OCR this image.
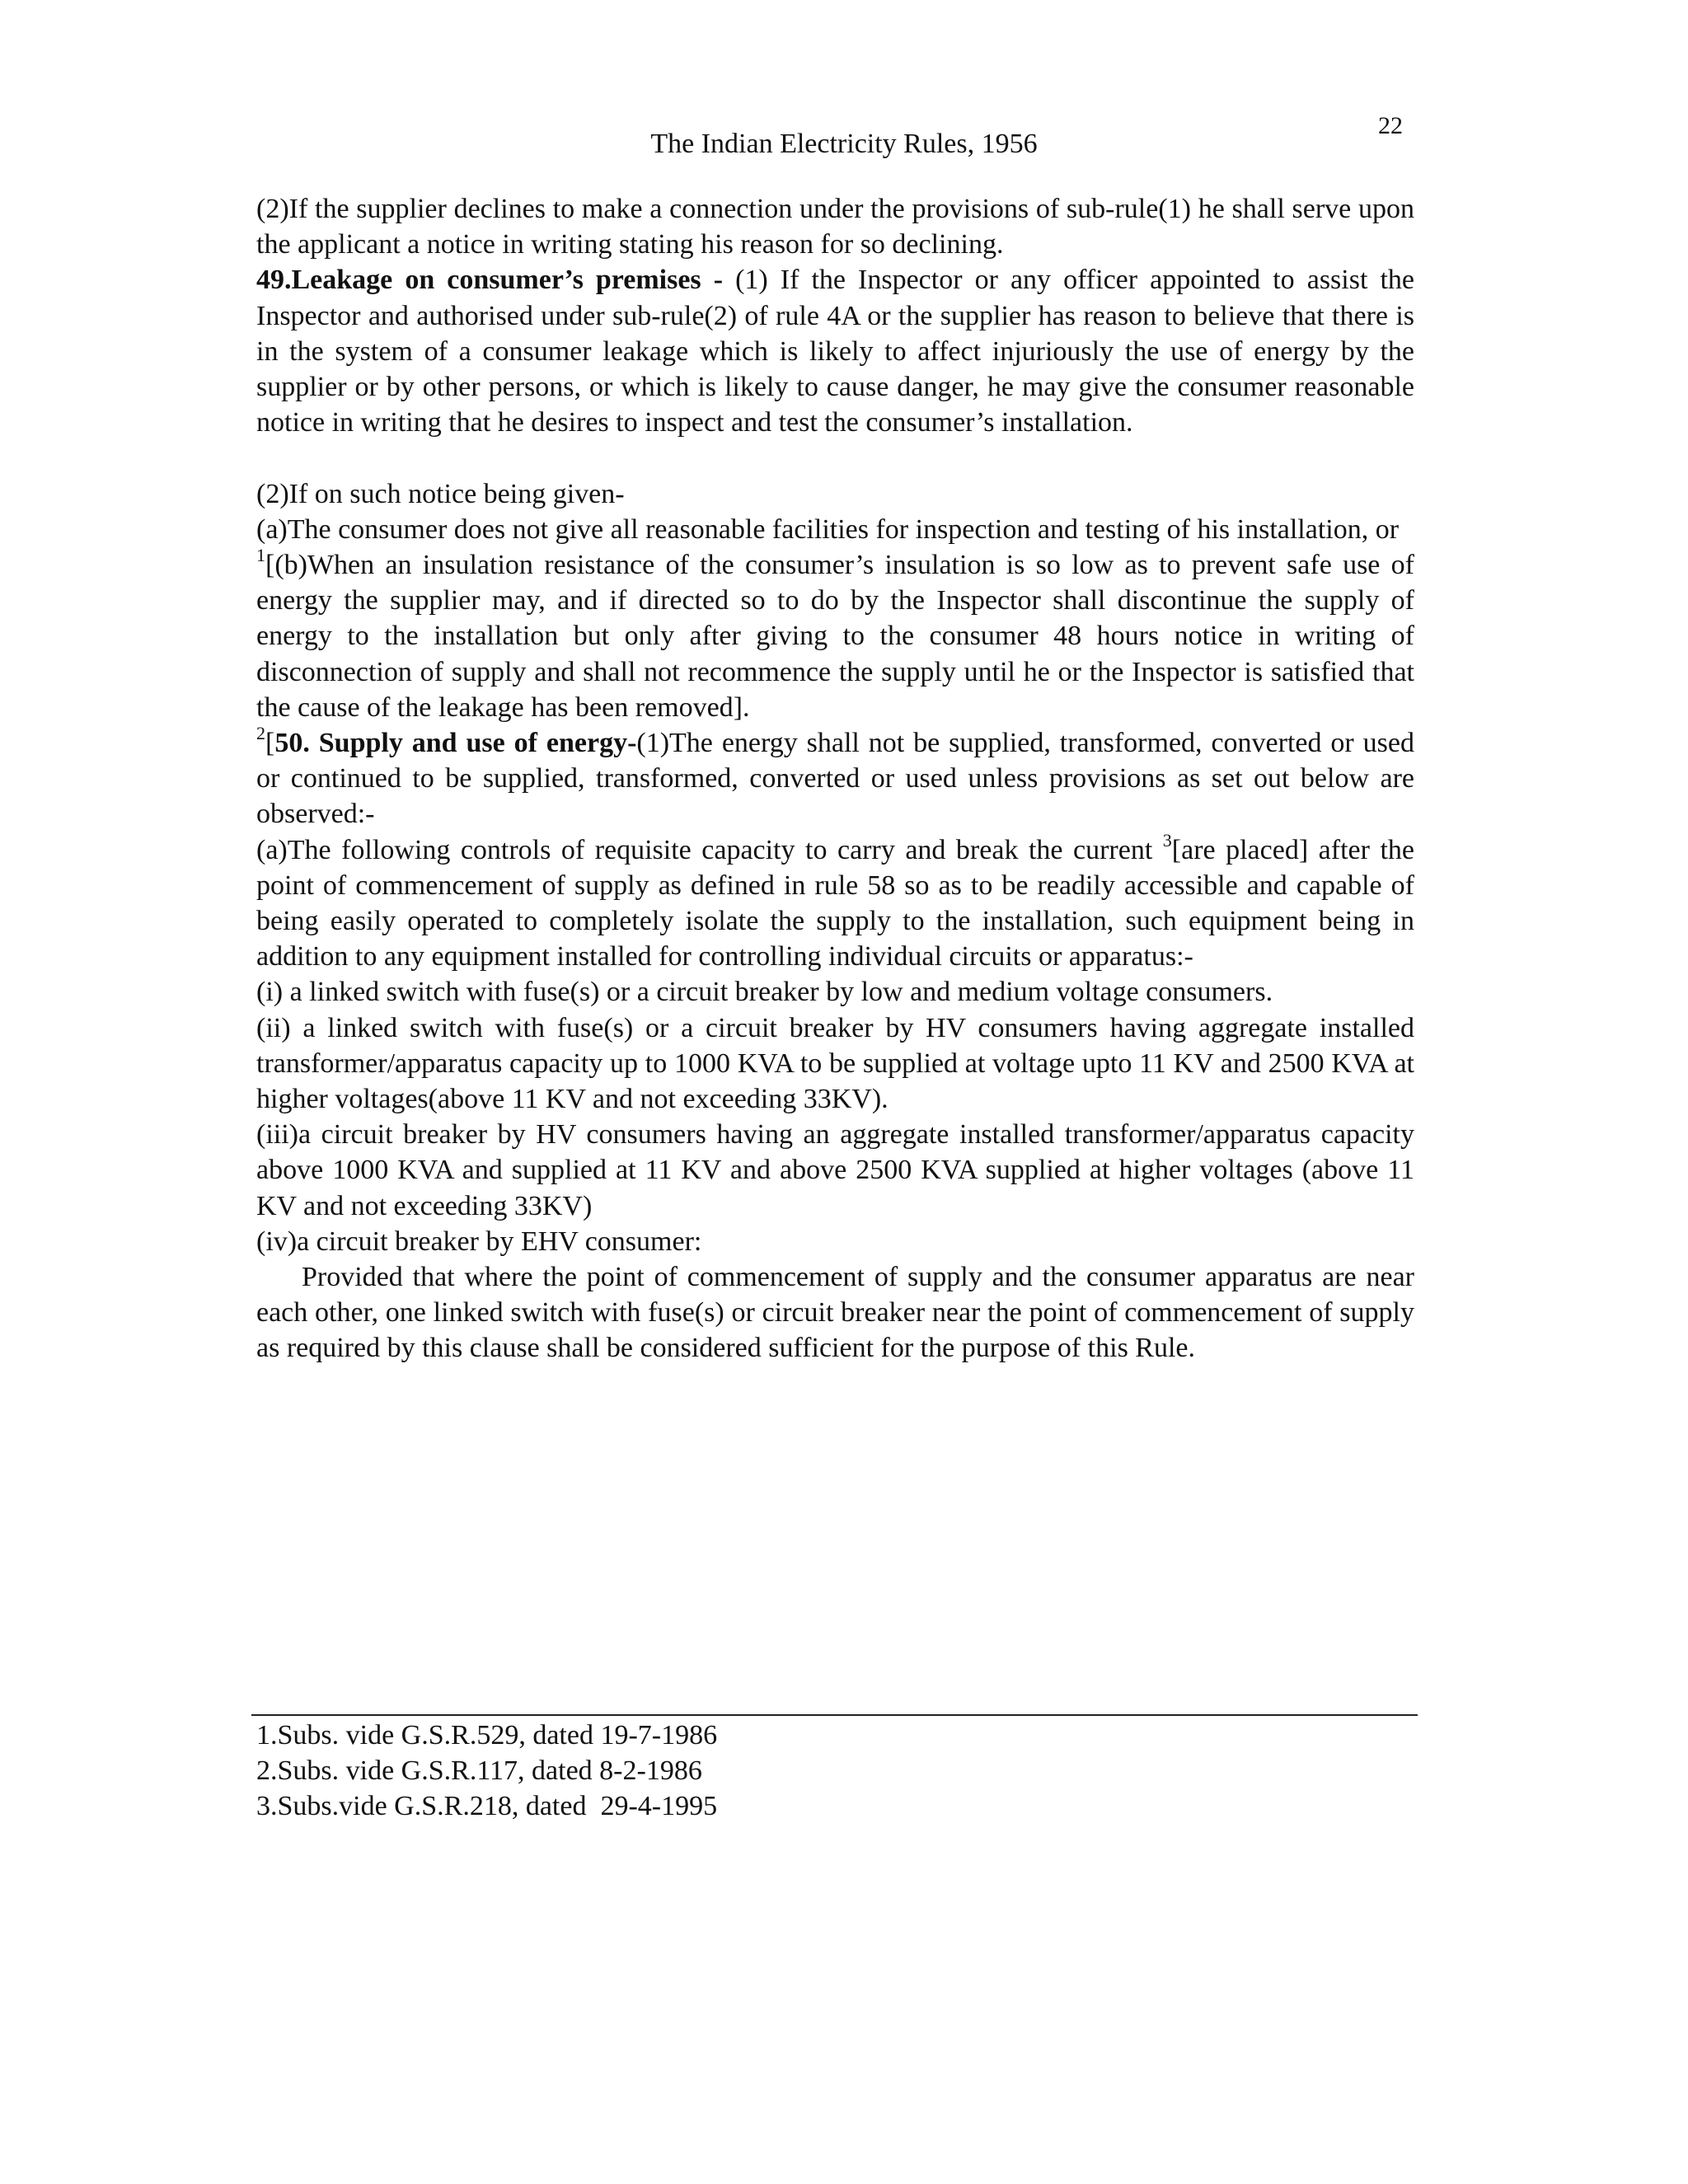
22
The Indian Electricity Rules, 1956

(2)If the supplier declines to make a connection under the provisions of sub-rule(1) he shall serve upon the applicant a notice in writing stating his reason for so declining.

49.Leakage on consumer’s premises - (1) If the Inspector or any officer appointed to assist the Inspector and authorised under sub-rule(2) of rule 4A or the supplier has reason to believe that there is in the system of a consumer leakage which is likely to affect injuriously the use of energy by the supplier or by other persons, or which is likely to cause danger, he may give the consumer reasonable notice in writing that he desires to inspect and test the consumer’s installation.

(2)If on such notice being given-

(a)The consumer does not give all reasonable facilities for inspection and testing of his installation, or

$^1$[(b)When an insulation resistance of the consumer’s insulation is so low as to prevent safe use of energy the supplier may, and if directed so to do by the Inspector shall discontinue the supply of energy to the installation but only after giving to the consumer 48 hours notice in writing of disconnection of supply and shall not recommence the supply until he or the Inspector is satisfied that the cause of the leakage has been removed].

$^2$[50. Supply and use of energy-(1)The energy shall not be supplied, transformed, converted or used or continued to be supplied, transformed, converted or used unless provisions as set out below are observed:-

(a)The following controls of requisite capacity to carry and break the current $^3$[are placed] after the point of commencement of supply as defined in rule 58 so as to be readily accessible and capable of being easily operated to completely isolate the supply to the installation, such equipment being in addition to any equipment installed for controlling individual circuits or apparatus:-

(i) a linked switch with fuse(s) or a circuit breaker by low and medium voltage consumers.

(ii) a linked switch with fuse(s) or a circuit breaker by HV consumers having aggregate installed transformer/apparatus capacity up to 1000 KVA to be supplied at voltage upto 11 KV and 2500 KVA at higher voltages(above 11 KV and not exceeding 33KV).

(iii)a circuit breaker by HV consumers having an aggregate installed transformer/apparatus capacity above 1000 KVA and supplied at 11 KV and above 2500 KVA supplied at higher voltages (above 11 KV and not exceeding 33KV)

(iv)a circuit breaker by EHV consumer:

Provided that where the point of commencement of supply and the consumer apparatus are near each other, one linked switch with fuse(s) or circuit breaker near the point of commencement of supply as required by this clause shall be considered sufficient for the purpose of this Rule.

1.Subs. vide G.S.R.529, dated 19-7-1986

2.Subs. vide G.S.R.117, dated 8-2-1986

3.Subs.vide G.S.R.218, dated  29-4-1995
